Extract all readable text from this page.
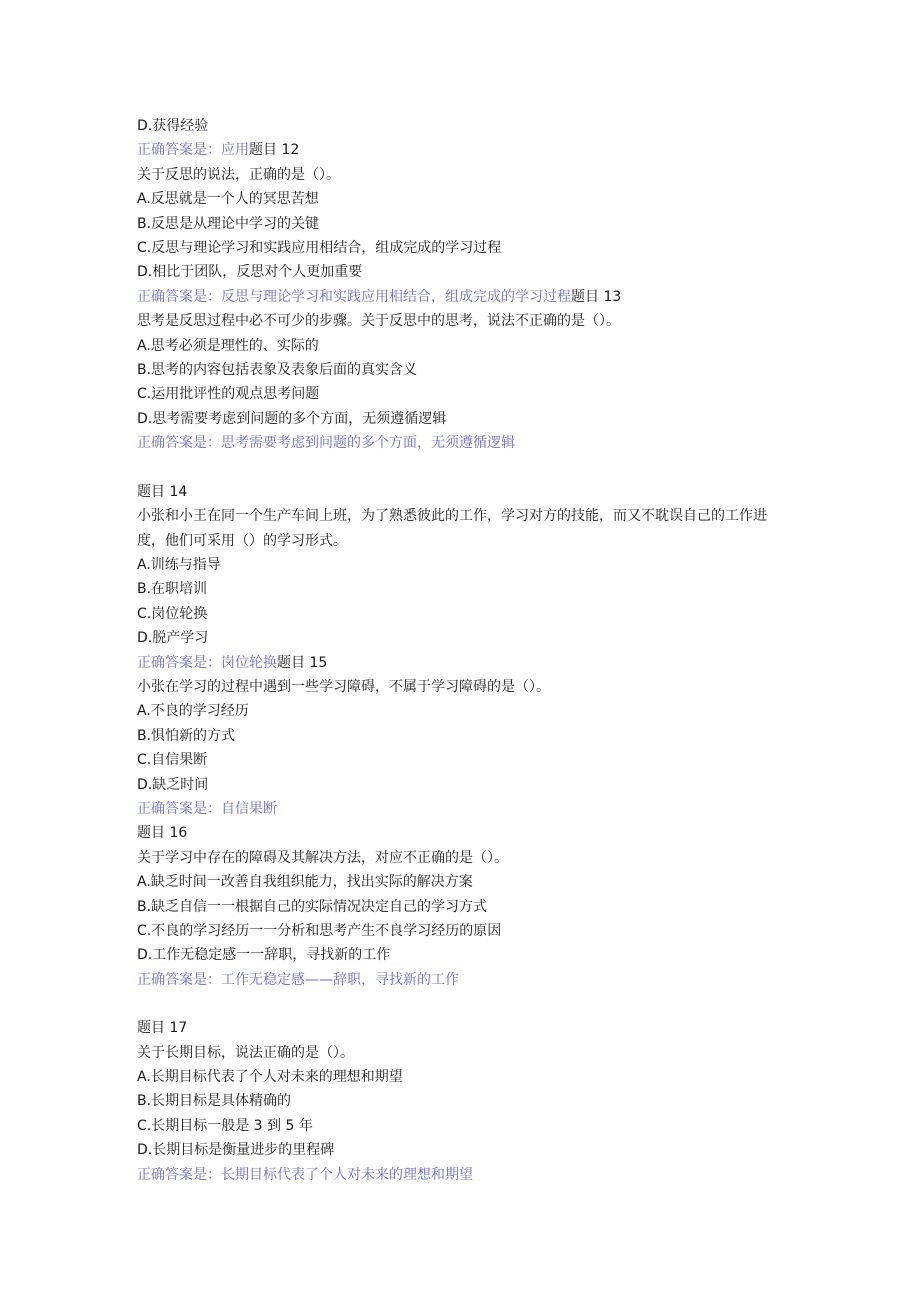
D.获得经验
正确答案是：应用题目 12
关于反思的说法，正确的是（）。
A.反思就是一个人的冥思苦想
B.反思是从理论中学习的关键
C.反思与理论学习和实践应用相结合，组成完成的学习过程
D.相比于团队，反思对个人更加重要
正确答案是：反思与理论学习和实践应用相结合，组成完成的学习过程题目 13
思考是反思过程中必不可少的步骤。关于反思中的思考，说法不正确的是（）。
A.思考必须是理性的、实际的
B.思考的内容包括表象及表象后面的真实含义
C.运用批评性的观点思考问题
D.思考需要考虑到问题的多个方面，无须遵循逻辑
正确答案是：思考需要考虑到问题的多个方面，无须遵循逻辑
题目 14
小张和小王在同一个生产车间上班，为了熟悉彼此的工作，学习对方的技能，而又不耽误自己的工作进度，他们可采用（）的学习形式。
A.训练与指导
B.在职培训
C.岗位轮换
D.脱产学习
正确答案是：岗位轮换题目 15
小张在学习的过程中遇到一些学习障碍，不属于学习障碍的是（）。
A.不良的学习经历
B.惧怕新的方式
C.自信果断
D.缺乏时间
正确答案是：自信果断
题目 16
关于学习中存在的障碍及其解决方法，对应不正确的是（）。
A.缺乏时间一改善自我组织能力，找出实际的解决方案
B.缺乏自信一一根据自己的实际情况决定自己的学习方式
C.不良的学习经历一一分析和思考产生不良学习经历的原因
D.工作无稳定感一一辞职，寻找新的工作
正确答案是：工作无稳定感——辞职，寻找新的工作
题目 17
关于长期目标，说法正确的是（）。
A.长期目标代表了个人对未来的理想和期望
B.长期目标是具体精确的
C.长期目标一般是 3 到 5 年
D.长期目标是衡量进步的里程碑
正确答案是：长期目标代表了个人对未来的理想和期望
